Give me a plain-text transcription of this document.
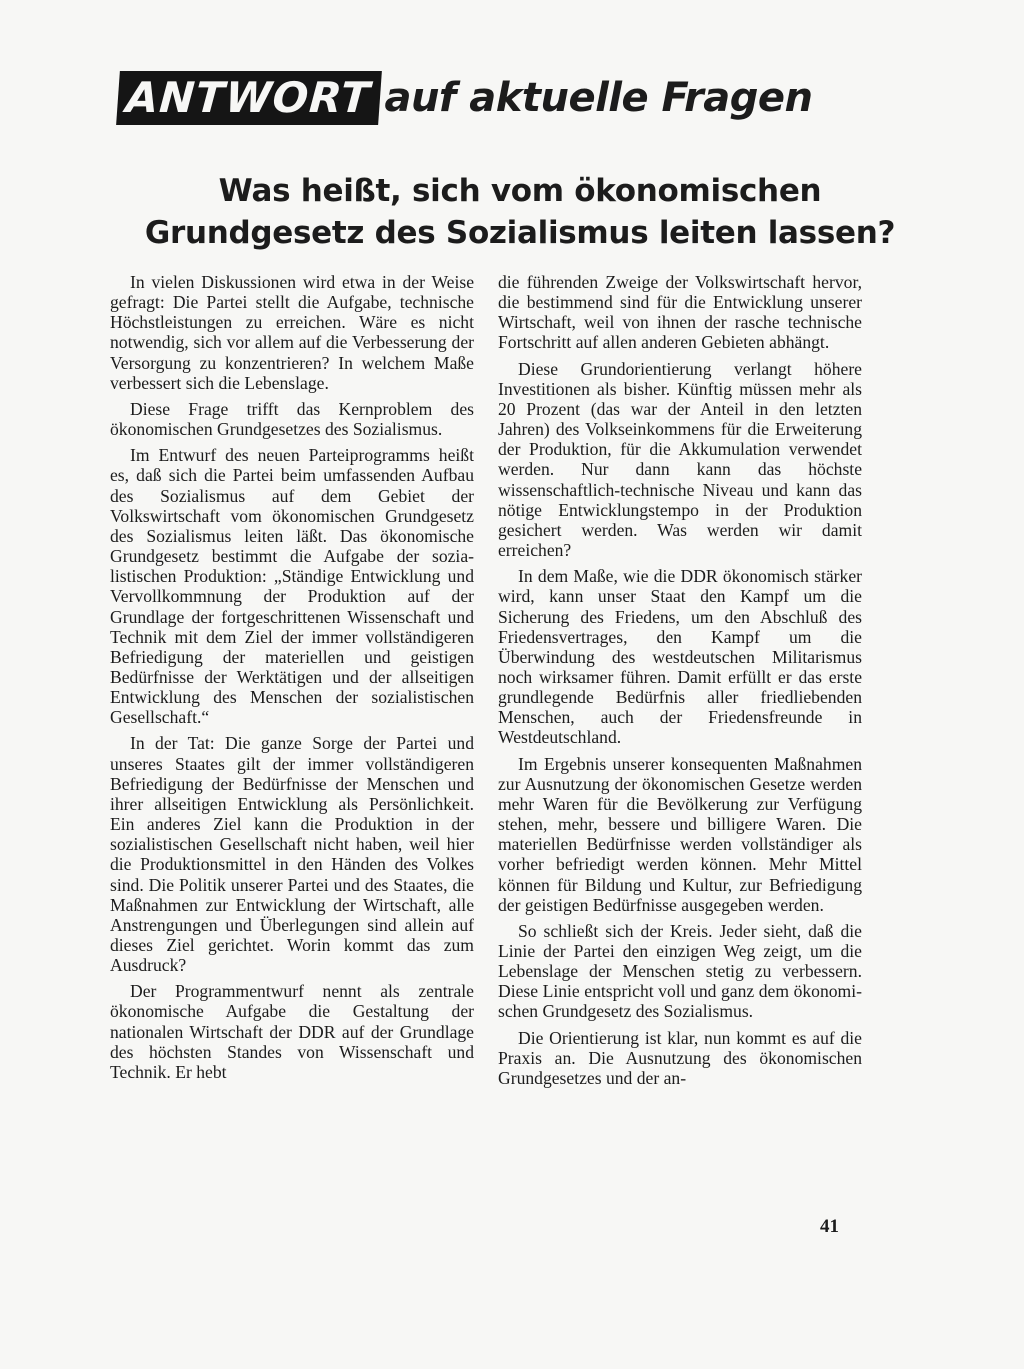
ANTWORT auf aktuelle Fragen
Was heißt, sich vom ökonomischen
Grundgesetz des Sozialismus leiten lassen?

In vielen Diskussionen wird etwa in der Weise gefragt: Die Partei stellt die Aufgabe, technische Höchstleistungen zu erreichen. Wäre es nicht notwendig, sich vor allem auf die Verbesserung der Versorgung zu konzentrieren? In welchem Maße verbessert sich die Lebenslage.

Diese Frage trifft das Kernproblem des ökonomischen Grundgesetzes des Sozialismus.

Im Entwurf des neuen Parteiprogramms heißt es, daß sich die Partei beim umfassenden Aufbau des Sozialismus auf dem Gebiet der Volkswirtschaft vom ökonomischen Grundgesetz des Sozialismus leiten läßt. Das ökonomische Grundgesetz bestimmt die Aufgabe der sozialistischen Produktion: „Ständige Entwicklung und Vervollkommnung der Produktion auf der Grundlage der fortgeschrittenen Wissenschaft und Technik mit dem Ziel der immer vollständigeren Befriedigung der materiellen und geistigen Bedürfnisse der Werktätigen und der allseitigen Entwicklung des Menschen der sozialistischen Gesellschaft.“

In der Tat: Die ganze Sorge der Partei und unseres Staates gilt der immer vollständigeren Befriedigung der Bedürfnisse der Menschen und ihrer allseitigen Entwicklung als Persönlichkeit. Ein anderes Ziel kann die Produktion in der sozialistischen Gesellschaft nicht haben, weil hier die Produktionsmittel in den Händen des Volkes sind. Die Politik unserer Partei und des Staates, die Maßnahmen zur Entwicklung der Wirtschaft, alle Anstrengungen und Überlegungen sind allein auf dieses Ziel gerichtet. Worin kommt das zum Ausdruck?

Der Programmentwurf nennt als zentrale ökonomische Aufgabe die Gestaltung der nationalen Wirtschaft der DDR auf der Grundlage des höchsten Standes von Wissenschaft und Technik. Er hebt

die führenden Zweige der Volkswirtschaft hervor, die bestimmend sind für die Entwicklung unserer Wirtschaft, weil von ihnen der rasche technische Fortschritt auf allen anderen Gebieten abhängt.

Diese Grundorientierung verlangt höhere Investitionen als bisher. Künftig müssen mehr als 20 Prozent (das war der Anteil in den letzten Jahren) des Volkseinkommens für die Erweiterung der Produktion, für die Akkumulation verwendet werden. Nur dann kann das höchste wissenschaftlich-technische Niveau und kann das nötige Entwicklungstempo in der Produktion gesichert werden. Was werden wir damit erreichen?

In dem Maße, wie die DDR ökonomisch stärker wird, kann unser Staat den Kampf um die Sicherung des Friedens, um den Abschluß des Friedensvertrages, den Kampf um die Überwindung des westdeutschen Militarismus noch wirksamer führen. Damit erfüllt er das erste grundlegende Bedürfnis aller friedliebenden Menschen, auch der Friedensfreunde in Westdeutschland.

Im Ergebnis unserer konsequenten Maßnahmen zur Ausnutzung der ökonomischen Gesetze werden mehr Waren für die Bevölkerung zur Verfügung stehen, mehr, bessere und billigere Waren. Die materiellen Bedürfnisse werden vollständiger als vorher befriedigt werden können. Mehr Mittel können für Bildung und Kultur, zur Befriedigung der geistigen Bedürfnisse ausgegeben werden.

So schließt sich der Kreis. Jeder sieht, daß die Linie der Partei den einzigen Weg zeigt, um die Lebenslage der Menschen stetig zu verbessern. Diese Linie entspricht voll und ganz dem ökonomischen Grundgesetz des Sozialismus.

Die Orientierung ist klar, nun kommt es auf die Praxis an. Die Ausnutzung des ökonomischen Grundgesetzes und der an-

41
